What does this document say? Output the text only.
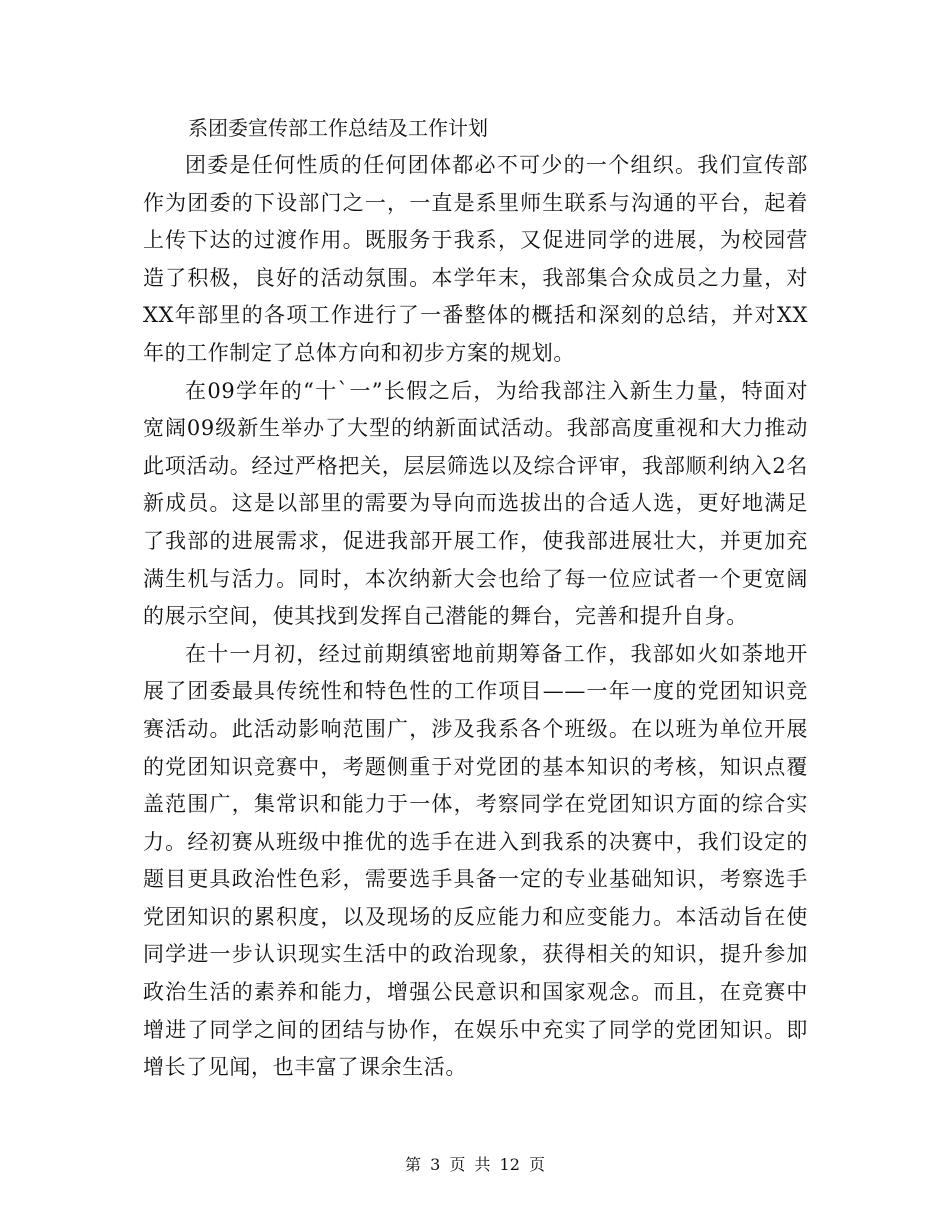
系团委宣传部工作总结及工作计划

团委是任何性质的任何团体都必不可少的一个组织。我们宣传部作为团委的下设部门之一，一直是系里师生联系与沟通的平台，起着上传下达的过渡作用。既服务于我系，又促进同学的进展，为校园营造了积极，良好的活动氛围。本学年末，我部集合众成员之力量，对XX年部里的各项工作进行了一番整体的概括和深刻的总结，并对XX年的工作制定了总体方向和初步方案的规划。

在09学年的“十`一”长假之后，为给我部注入新生力量，特面对宽阔09级新生举办了大型的纳新面试活动。我部高度重视和大力推动此项活动。经过严格把关，层层筛选以及综合评审，我部顺利纳入2名新成员。这是以部里的需要为导向而选拔出的合适人选，更好地满足了我部的进展需求，促进我部开展工作，使我部进展壮大，并更加充满生机与活力。同时，本次纳新大会也给了每一位应试者一个更宽阔的展示空间，使其找到发挥自己潜能的舞台，完善和提升自身。

在十一月初，经过前期缜密地前期筹备工作，我部如火如荼地开展了团委最具传统性和特色性的工作项目——一年一度的党团知识竞赛活动。此活动影响范围广，涉及我系各个班级。在以班为单位开展的党团知识竞赛中，考题侧重于对党团的基本知识的考核，知识点覆盖范围广，集常识和能力于一体，考察同学在党团知识方面的综合实力。经初赛从班级中推优的选手在进入到我系的决赛中，我们设定的题目更具政治性色彩，需要选手具备一定的专业基础知识，考察选手党团知识的累积度，以及现场的反应能力和应变能力。本活动旨在使同学进一步认识现实生活中的政治现象，获得相关的知识，提升参加政治生活的素养和能力，增强公民意识和国家观念。而且，在竞赛中增进了同学之间的团结与协作，在娱乐中充实了同学的党团知识。即增长了见闻，也丰富了课余生活。

第 3 页 共 12 页
